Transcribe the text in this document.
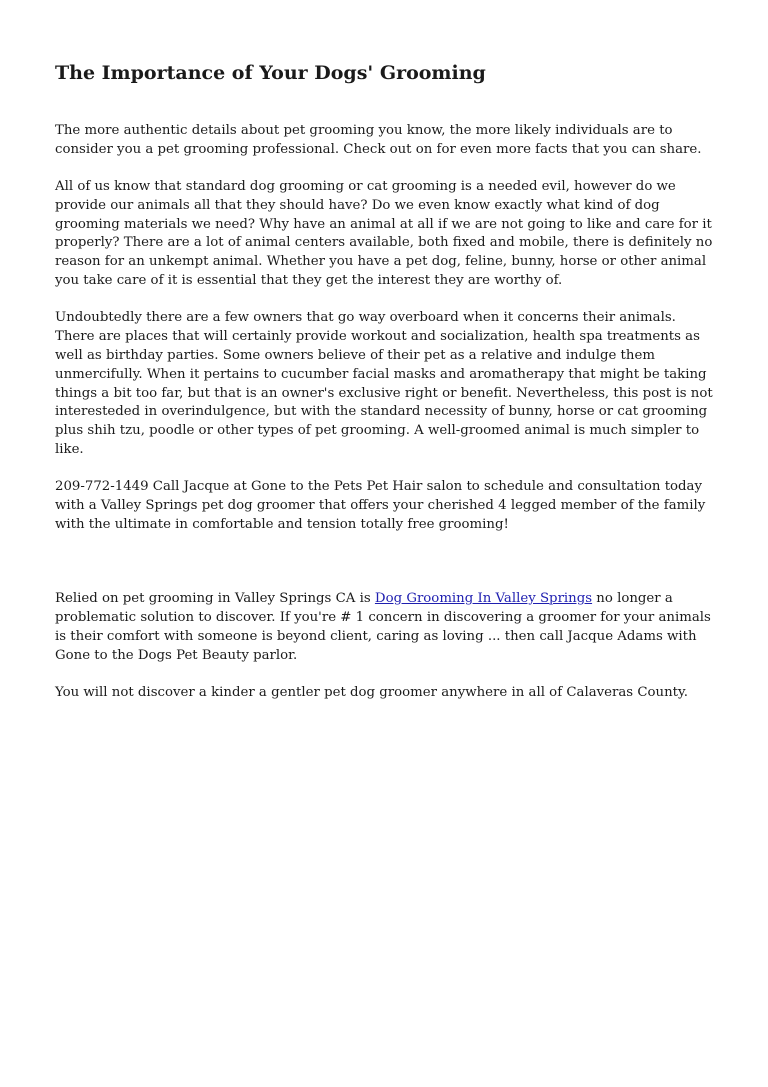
The Importance of Your Dogs' Grooming

The more authentic details about pet grooming you know, the more likely individuals are to consider you a pet grooming professional. Check out on for even more facts that you can share.

All of us know that standard dog grooming or cat grooming is a needed evil, however do we provide our animals all that they should have? Do we even know exactly what kind of dog grooming materials we need? Why have an animal at all if we are not going to like and care for it properly? There are a lot of animal centers available, both fixed and mobile, there is definitely no reason for an unkempt animal. Whether you have a pet dog, feline, bunny, horse or other animal you take care of it is essential that they get the interest they are worthy of.

Undoubtedly there are a few owners that go way overboard when it concerns their animals. There are places that will certainly provide workout and socialization, health spa treatments as well as birthday parties. Some owners believe of their pet as a relative and indulge them unmercifully. When it pertains to cucumber facial masks and aromatherapy that might be taking things a bit too far, but that is an owner's exclusive right or benefit. Nevertheless, this post is not interesteded in overindulgence, but with the standard necessity of bunny, horse or cat grooming plus shih tzu, poodle or other types of pet grooming. A well-groomed animal is much simpler to like.

209-772-1449 Call Jacque at Gone to the Pets Pet Hair salon to schedule and consultation today with a Valley Springs pet dog groomer that offers your cherished 4 legged member of the family with the ultimate in comfortable and tension totally free grooming!

Relied on pet grooming in Valley Springs CA is Dog Grooming In Valley Springs no longer a problematic solution to discover. If you're # 1 concern in discovering a groomer for your animals is their comfort with someone is beyond client, caring as loving ... then call Jacque Adams with Gone to the Dogs Pet Beauty parlor.

You will not discover a kinder a gentler pet dog groomer anywhere in all of Calaveras County.
